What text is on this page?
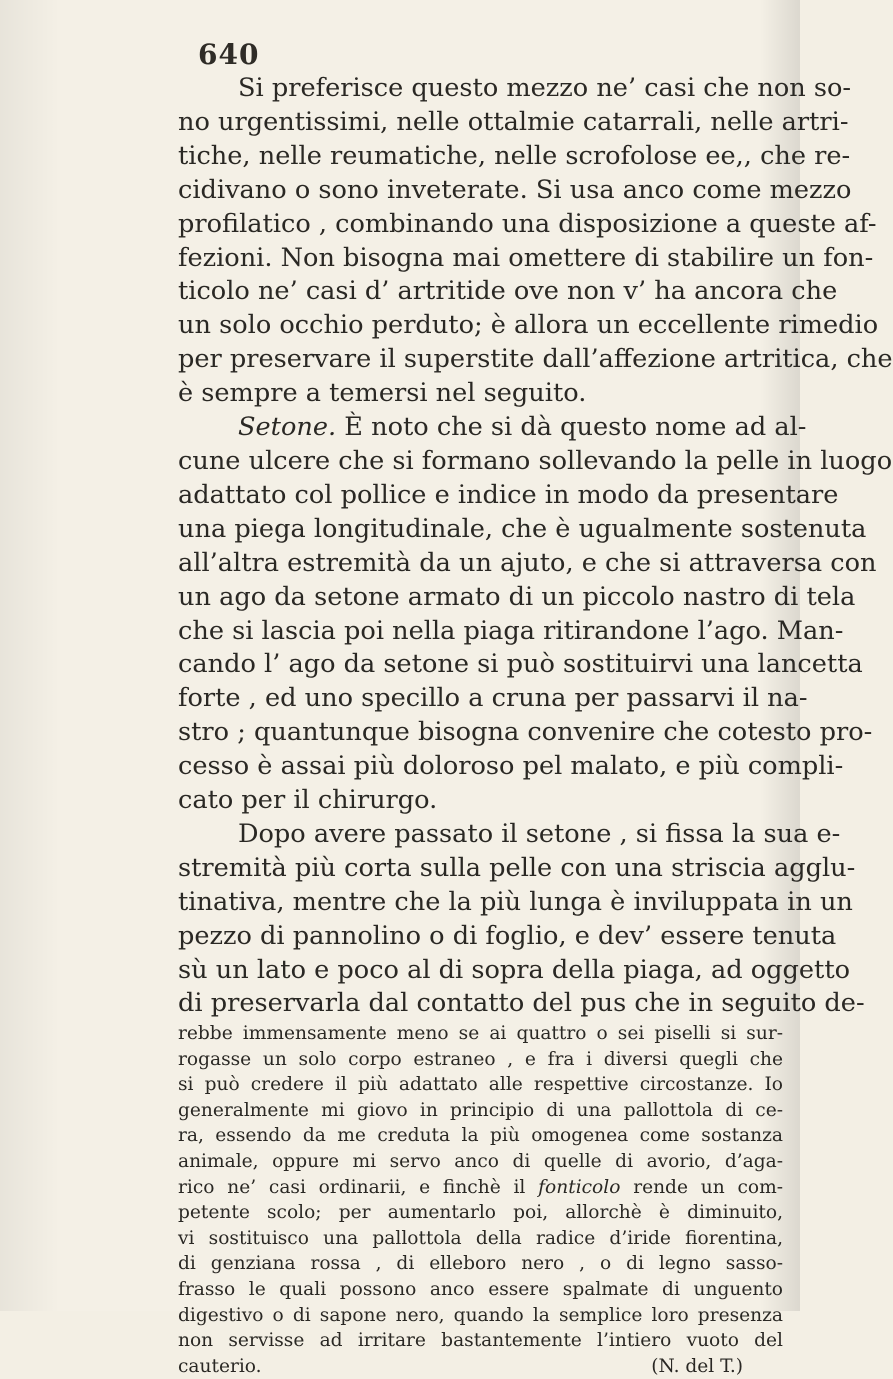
640
Si preferisce questo mezzo ne’ casi che non so-
no urgentissimi, nelle ottalmie catarrali, nelle artri-
tiche, nelle reumatiche, nelle scrofolose ee,, che re-
cidivano o sono inveterate. Si usa anco come mezzo
profilatico , combinando una disposizione a queste af-
fezioni. Non bisogna mai omettere di stabilire un fon-
ticolo ne’ casi d’ artritide ove non v’ ha ancora che
un solo occhio perduto; è allora un eccellente rimedio
per preservare il superstite dall’affezione artritica, che
è sempre a temersi nel seguito.
Setone. È noto che si dà questo nome ad al-
cune ulcere che si formano sollevando la pelle in luogo
adattato col pollice e indice in modo da presentare
una piega longitudinale, che è ugualmente sostenuta
all’altra estremità da un ajuto, e che si attraversa con
un ago da setone armato di un piccolo nastro di tela
che si lascia poi nella piaga ritirandone l’ago. Man-
cando l’ ago da setone si può sostituirvi una lancetta
forte , ed uno specillo a cruna per passarvi il na-
stro ; quantunque bisogna convenire che cotesto pro-
cesso è assai più doloroso pel malato, e più compli-
cato per il chirurgo.
Dopo avere passato il setone , si fissa la sua e-
stremità più corta sulla pelle con una striscia agglu-
tinativa, mentre che la più lunga è inviluppata in un
pezzo di pannolino o di foglio, e dev’ essere tenuta
sù un lato e poco al di sopra della piaga, ad oggetto
di preservarla dal contatto del pus che in seguito de-
rebbe immensamente meno se ai quattro o sei piselli si sur-
rogasse un solo corpo estraneo , e fra i diversi quegli che
si può credere il più adattato alle respettive circostanze. Io
generalmente mi giovo in principio di una pallottola di ce-
ra, essendo da me creduta la più omogenea come sostanza
animale, oppure mi servo anco di quelle di avorio, d’aga-
rico ne’ casi ordinarii, e finchè il fonticolo rende un com-
petente scolo; per aumentarlo poi, allorchè è diminuito,
vi sostituisco una pallottola della radice d’iride fiorentina,
di genziana rossa , di elleboro nero , o di legno sasso-
frasso le quali possono anco essere spalmate di unguento
digestivo o di sapone nero, quando la semplice loro presenza
non servisse ad irritare bastantemente l’intiero vuoto del
cauterio.	(N. del T.)
